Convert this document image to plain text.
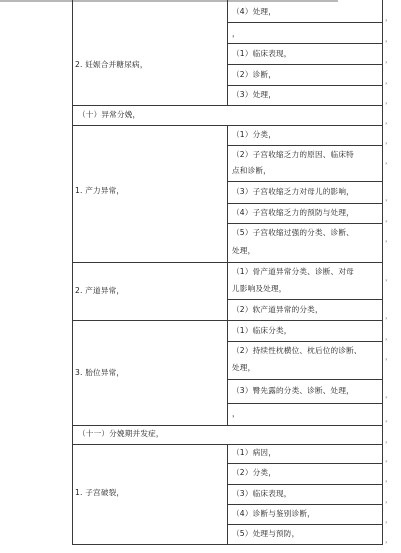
2. 妊娠合并糖尿病，
1. 产力异常，
2. 产道异常，
3. 胎位异常，
1. 子宫破裂，
（十）异常分娩，
（十一）分娩期并发症，
（4）处理，
，
（1）临床表现，
（2）诊断，
（3）处理，
（1）分类，
（2）子宫收缩乏力的原因、临床特
点和诊断，
（3）子宫收缩乏力对母儿的影响，
（4）子宫收缩乏力的预防与处理，
（5）子宫收缩过强的分类、诊断、
处理，
（1）骨产道异常分类、诊断、对母
儿影响及处理，
（2）软产道异常的分类，
（1）临床分类，
（2）持续性枕横位、枕后位的诊断、
处理，
（3）臀先露的分类、诊断、处理，
，
（1）病因，
（2）分类，
（3）临床表现，
（4）诊断与鉴别诊断，
（5）处理与预防，
，
，
，
，
，
，
，
，
，
，
，
，
，
，
，
，
，
，
，
，
，
，
，
